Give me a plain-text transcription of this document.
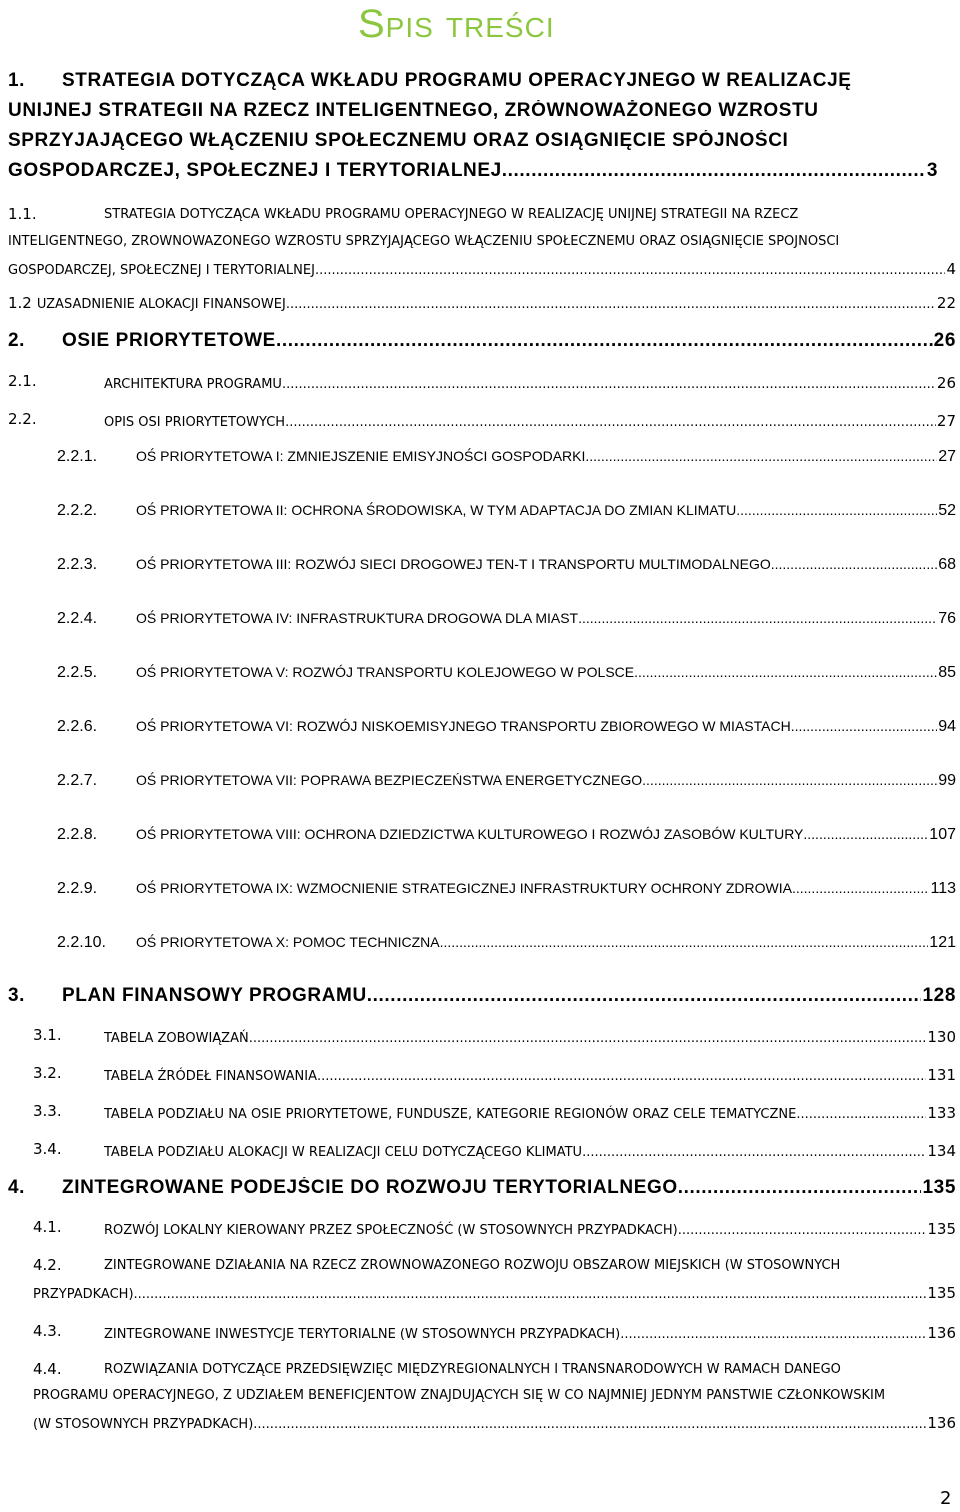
Spis treści
1. STRATEGIA DOTYCZĄCA WKŁADU PROGRAMU OPERACYJNEGO W REALIZACJĘ
UNIJNEJ STRATEGII NA RZECZ INTELIGENTNEGO, ZRÓWNOWAŻONEGO WZROSTU
SPRZYJAJĄCEGO WŁĄCZENIU SPOŁECZNEMU ORAZ OSIĄGNIĘCIE SPÓJNOŚCI
GOSPODARCZEJ, SPOŁECZNEJ I TERYTORIALNEJ .....	3
1.1.	STRATEGIA DOTYCZĄCA WKŁADU PROGRAMU OPERACYJNEGO W REALIZACJĘ UNIJNEJ STRATEGII NA RZECZ
INTELIGENTNEGO, ZRÓWNOWAŻONEGO WZROSTU SPRZYJAJĄCEGO WŁĄCZENIU SPOŁECZNEMU ORAZ OSIĄGNIĘCIE SPÓJNOŚCI
GOSPODARCZEJ, SPOŁECZNEJ I TERYTORIALNEJ .....	4
1.2 UZASADNIENIE ALOKACJI FINANSOWEJ .....	22
2. OSIE PRIORYTETOWE .....	26
2.1.	ARCHITEKTURA PROGRAMU .....	26
2.2.	OPIS OSI PRIORYTETOWYCH .....	27
2.2.1.	OŚ PRIORYTETOWA I: ZMNIEJSZENIE EMISYJNOŚCI GOSPODARKI .....	27
2.2.2.	OŚ PRIORYTETOWA II: OCHRONA ŚRODOWISKA, W TYM ADAPTACJA DO ZMIAN KLIMATU .....	52
2.2.3.	OŚ PRIORYTETOWA III: ROZWÓJ SIECI DROGOWEJ TEN-T I TRANSPORTU MULTIMODALNEGO .....	68
2.2.4.	OŚ PRIORYTETOWA IV: INFRASTRUKTURA DROGOWA DLA MIAST .....	76
2.2.5.	OŚ PRIORYTETOWA V: ROZWÓJ TRANSPORTU KOLEJOWEGO W POLSCE .....	85
2.2.6.	OŚ PRIORYTETOWA VI: ROZWÓJ NISKOEMISYJNEGO TRANSPORTU ZBIOROWEGO W MIASTACH .....	94
2.2.7.	OŚ PRIORYTETOWA VII: POPRAWA BEZPIECZEŃSTWA ENERGETYCZNEGO .....	99
2.2.8.	OŚ PRIORYTETOWA VIII: OCHRONA DZIEDZICTWA KULTUROWEGO I ROZWÓJ ZASOBÓW KULTURY .....	107
2.2.9.	OŚ PRIORYTETOWA IX: WZMOCNIENIE STRATEGICZNEJ INFRASTRUKTURY OCHRONY ZDROWIA .....	113
2.2.10. OŚ PRIORYTETOWA X: POMOC TECHNICZNA .....	121
3. PLAN FINANSOWY PROGRAMU .....	128
3.1.	TABELA ZOBOWIĄZAŃ .....	130
3.2.	TABELA ŹRÓDEŁ FINANSOWANIA .....	131
3.3.	TABELA PODZIAŁU NA OSIE PRIORYTETOWE, FUNDUSZE, KATEGORIE REGIONÓW ORAZ CELE TEMATYCZNE .....	133
3.4.	TABELA PODZIAŁU ALOKACJI W REALIZACJI CELU DOTYCZĄCEGO KLIMATU .....	134
4. ZINTEGROWANE PODEJŚCIE DO ROZWOJU TERYTORIALNEGO .....	135
4.1.	ROZWÓJ LOKALNY KIEROWANY PRZEZ SPOŁECZNOŚĆ (W STOSOWNYCH PRZYPADKACH) .....	135
4.2.	ZINTEGROWANE DZIAŁANIA NA RZECZ ZRÓWNOWAŻONEGO ROZWOJU OBSZARÓW MIEJSKICH (W STOSOWNYCH
PRZYPADKACH) .....	135
4.3.	ZINTEGROWANE INWESTYCJE TERYTORIALNE (W STOSOWNYCH PRZYPADKACH) .....	136
4.4.	ROZWIĄZANIA DOTYCZĄCE PRZEDSIĘWZIĘĆ MIĘDZYREGIONALNYCH I TRANSNARODOWYCH W RAMACH DANEGO
PROGRAMU OPERACYJNEGO, Z UDZIAŁEM BENEFICJENTÓW ZNAJDUJĄCYCH SIĘ W CO NAJMNIEJ JEDNYM PAŃSTWIE CZŁONKOWSKIM
(W STOSOWNYCH PRZYPADKACH) .....	136
2
